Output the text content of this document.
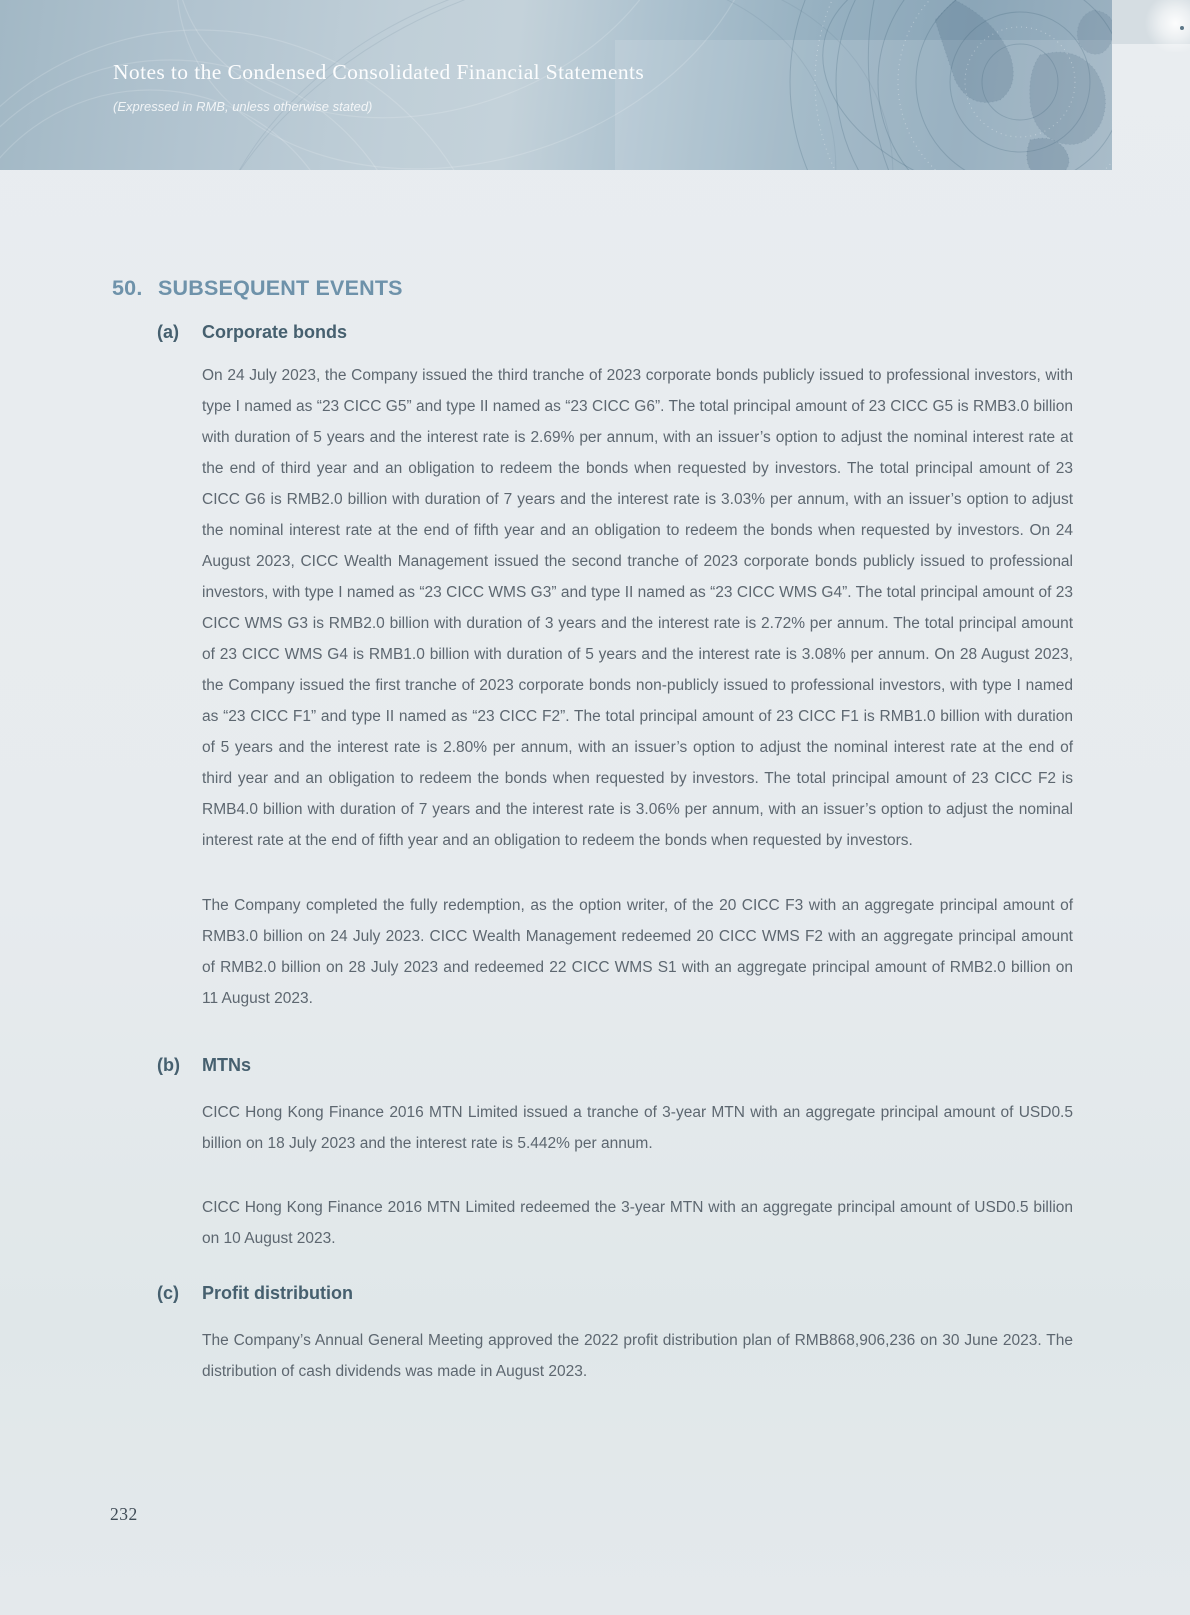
Notes to the Condensed Consolidated Financial Statements
(Expressed in RMB, unless otherwise stated)
50. SUBSEQUENT EVENTS
(a)	Corporate bonds

On 24 July 2023, the Company issued the third tranche of 2023 corporate bonds publicly issued to professional investors, with type I named as “23 CICC G5” and type II named as “23 CICC G6”. The total principal amount of 23 CICC G5 is RMB3.0 billion with duration of 5 years and the interest rate is 2.69% per annum, with an issuer’s option to adjust the nominal interest rate at the end of third year and an obligation to redeem the bonds when requested by investors. The total principal amount of 23 CICC G6 is RMB2.0 billion with duration of 7 years and the interest rate is 3.03% per annum, with an issuer’s option to adjust the nominal interest rate at the end of fifth year and an obligation to redeem the bonds when requested by investors. On 24 August 2023, CICC Wealth Management issued the second tranche of 2023 corporate bonds publicly issued to professional investors, with type I named as “23 CICC WMS G3” and type II named as “23 CICC WMS G4”. The total principal amount of 23 CICC WMS G3 is RMB2.0 billion with duration of 3 years and the interest rate is 2.72% per annum. The total principal amount of 23 CICC WMS G4 is RMB1.0 billion with duration of 5 years and the interest rate is 3.08% per annum. On 28 August 2023, the Company issued the first tranche of 2023 corporate bonds non-publicly issued to professional investors, with type I named as “23 CICC F1” and type II named as “23 CICC F2”. The total principal amount of 23 CICC F1 is RMB1.0 billion with duration of 5 years and the interest rate is 2.80% per annum, with an issuer’s option to adjust the nominal interest rate at the end of third year and an obligation to redeem the bonds when requested by investors. The total principal amount of 23 CICC F2 is RMB4.0 billion with duration of 7 years and the interest rate is 3.06% per annum, with an issuer’s option to adjust the nominal interest rate at the end of fifth year and an obligation to redeem the bonds when requested by investors.

The Company completed the fully redemption, as the option writer, of the 20 CICC F3 with an aggregate principal amount of RMB3.0 billion on 24 July 2023. CICC Wealth Management redeemed 20 CICC WMS F2 with an aggregate principal amount of RMB2.0 billion on 28 July 2023 and redeemed 22 CICC WMS S1 with an aggregate principal amount of RMB2.0 billion on 11 August 2023.

(b)	MTNs

CICC Hong Kong Finance 2016 MTN Limited issued a tranche of 3-year MTN with an aggregate principal amount of USD0.5 billion on 18 July 2023 and the interest rate is 5.442% per annum.

CICC Hong Kong Finance 2016 MTN Limited redeemed the 3-year MTN with an aggregate principal amount of USD0.5 billion on 10 August 2023.

(c)	Profit distribution

The Company’s Annual General Meeting approved the 2022 profit distribution plan of RMB868,906,236 on 30 June 2023. The distribution of cash dividends was made in August 2023.

232
